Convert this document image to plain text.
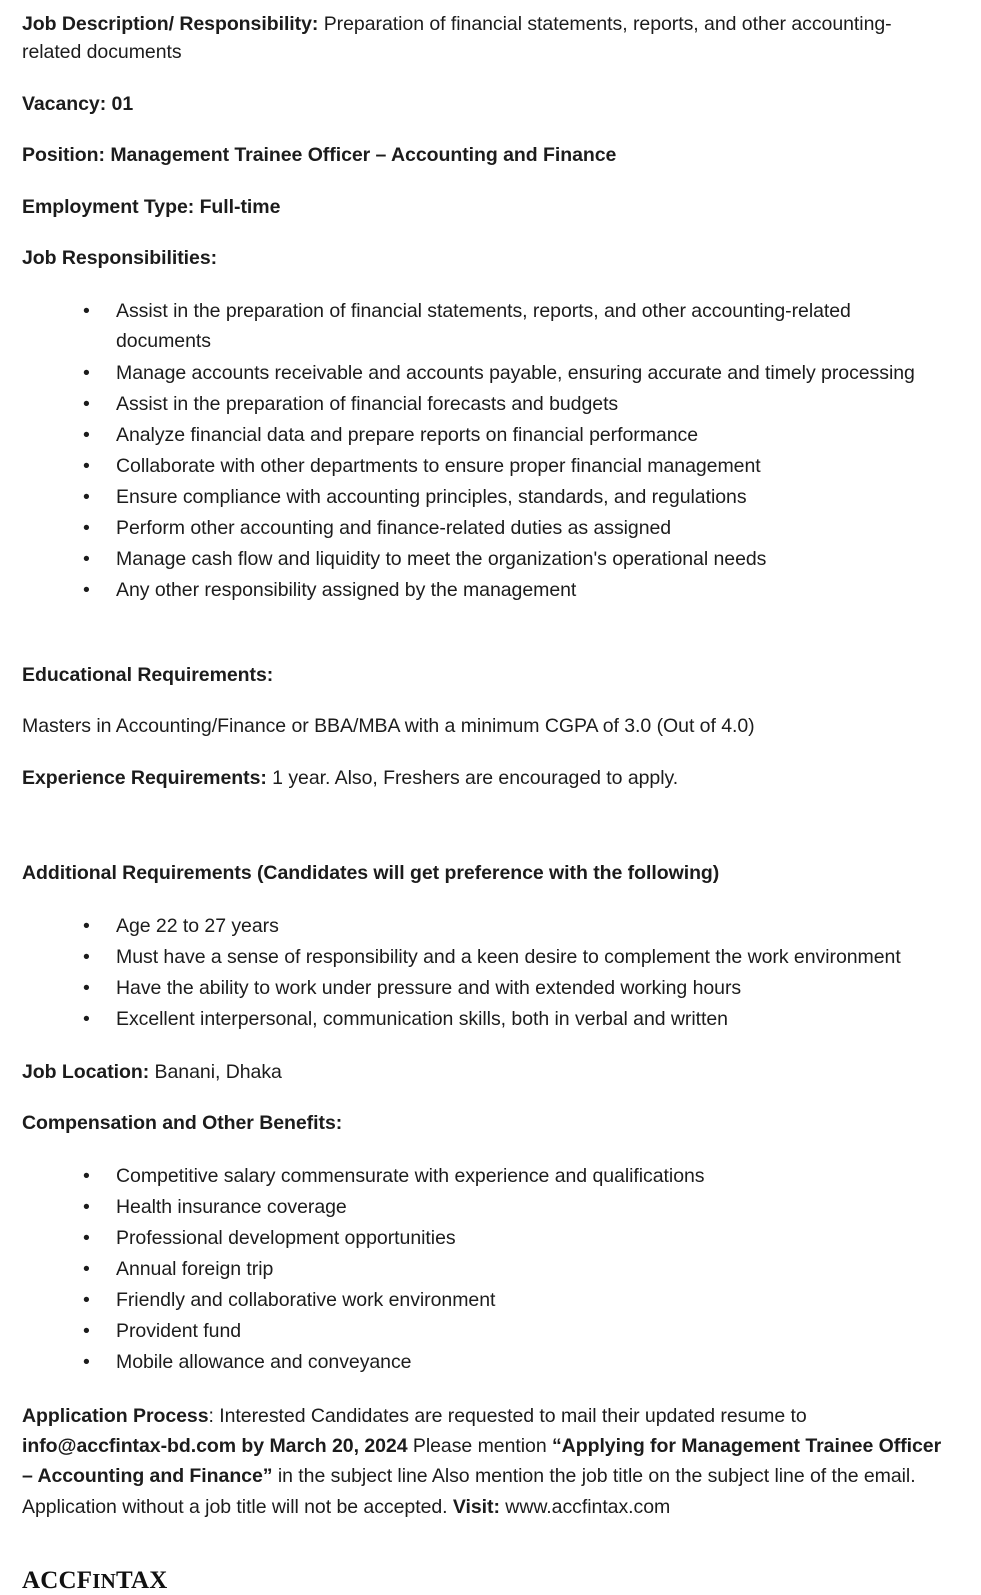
Job Description/ Responsibility: Preparation of financial statements, reports, and other accounting-related documents

Vacancy: 01

Position: Management Trainee Officer – Accounting and Finance

Employment Type: Full-time

Job Responsibilities:

• Assist in the preparation of financial statements, reports, and other accounting-related documents
• Manage accounts receivable and accounts payable, ensuring accurate and timely processing
• Assist in the preparation of financial forecasts and budgets
• Analyze financial data and prepare reports on financial performance
• Collaborate with other departments to ensure proper financial management
• Ensure compliance with accounting principles, standards, and regulations
• Perform other accounting and finance-related duties as assigned
• Manage cash flow and liquidity to meet the organization's operational needs
• Any other responsibility assigned by the management

Educational Requirements:

Masters in Accounting/Finance or BBA/MBA with a minimum CGPA of 3.0 (Out of 4.0)

Experience Requirements: 1 year. Also, Freshers are encouraged to apply.

Additional Requirements (Candidates will get preference with the following)

• Age 22 to 27 years
• Must have a sense of responsibility and a keen desire to complement the work environment
• Have the ability to work under pressure and with extended working hours
• Excellent interpersonal, communication skills, both in verbal and written

Job Location: Banani, Dhaka

Compensation and Other Benefits:

• Competitive salary commensurate with experience and qualifications
• Health insurance coverage
• Professional development opportunities
• Annual foreign trip
• Friendly and collaborative work environment
• Provident fund
• Mobile allowance and conveyance

Application Process: Interested Candidates are requested to mail their updated resume to info@accfintax-bd.com by March 20, 2024 Please mention “Applying for Management Trainee Officer – Accounting and Finance” in the subject line Also mention the job title on the subject line of the email. Application without a job title will not be accepted. Visit: www.accfintax.com

ACCFINTAX
